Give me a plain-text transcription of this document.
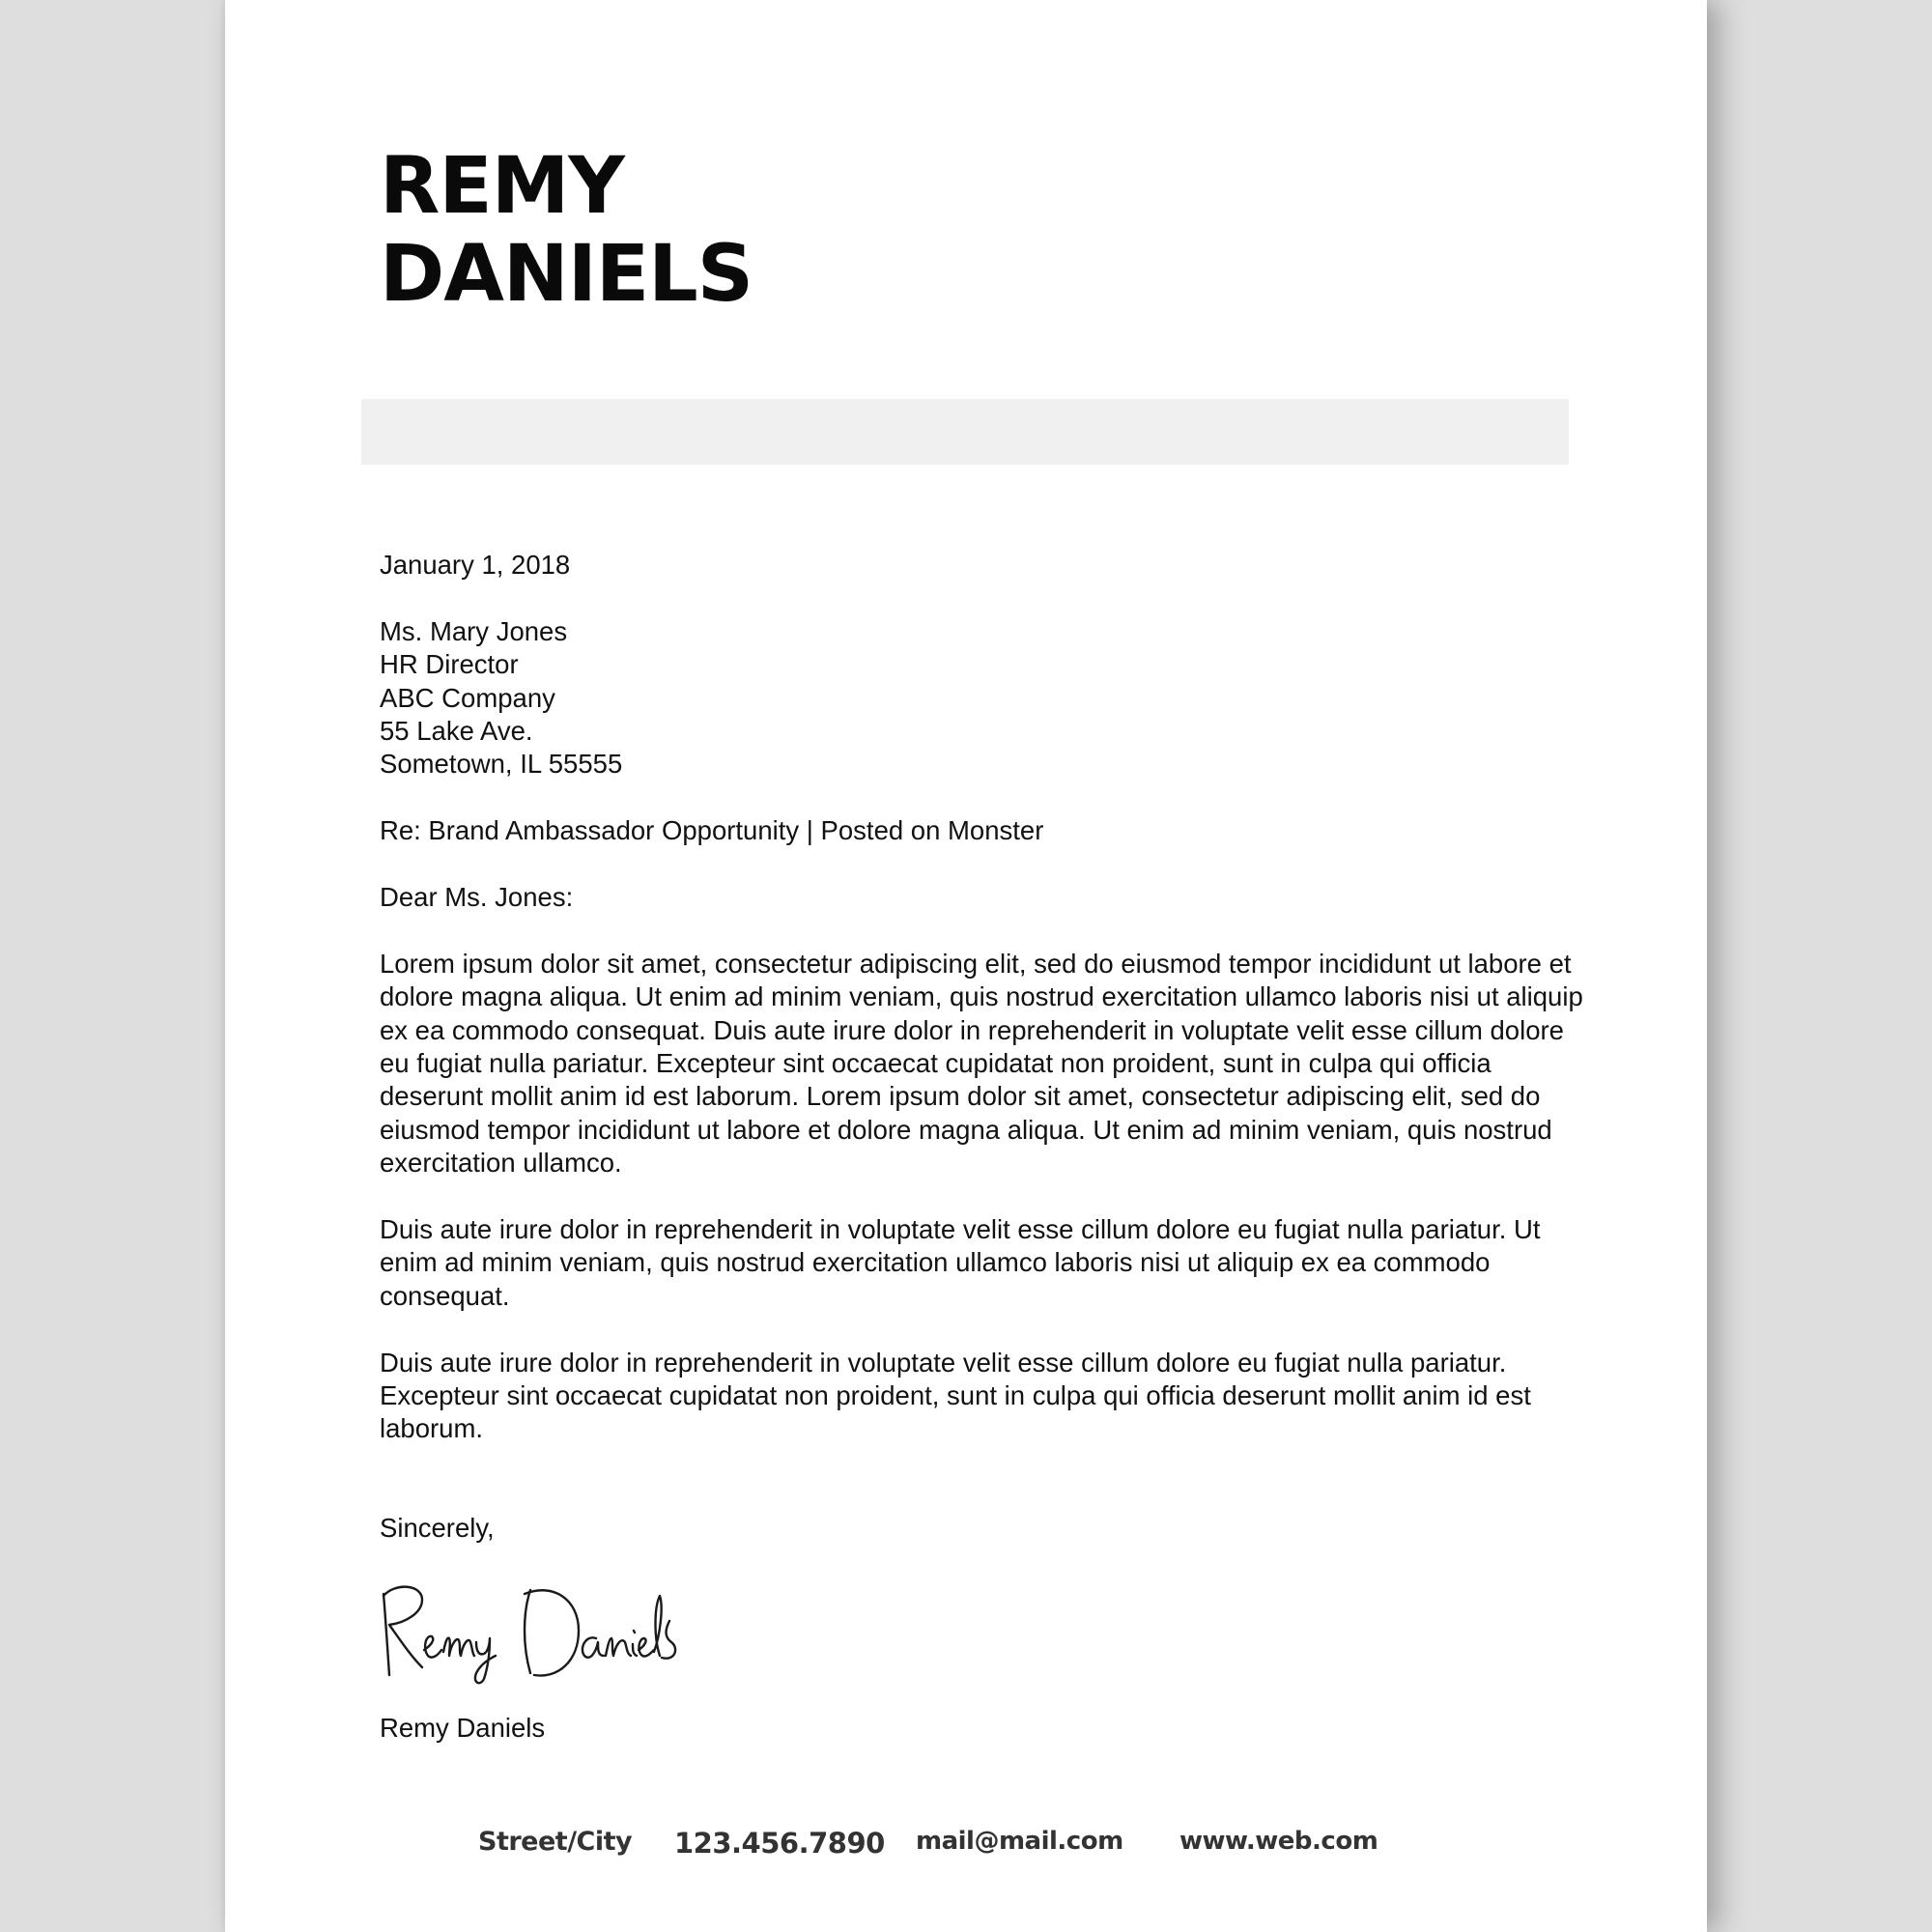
REMY
DANIELS

January 1, 2018

Ms. Mary Jones
HR Director
ABC Company
55 Lake Ave.
Sometown, IL 55555

Re: Brand Ambassador Opportunity | Posted on Monster

Dear Ms. Jones:

Lorem ipsum dolor sit amet, consectetur adipiscing elit, sed do eiusmod tempor incididunt ut labore et dolore magna aliqua. Ut enim ad minim veniam, quis nostrud exercitation ullamco laboris nisi ut aliquip ex ea commodo consequat. Duis aute irure dolor in reprehenderit in voluptate velit esse cillum dolore eu fugiat nulla pariatur. Excepteur sint occaecat cupidatat non proident, sunt in culpa qui officia deserunt mollit anim id est laborum. Lorem ipsum dolor sit amet, consectetur adipiscing elit, sed do eiusmod tempor incididunt ut labore et dolore magna aliqua. Ut enim ad minim veniam, quis nostrud exercitation ullamco.

Duis aute irure dolor in reprehenderit in voluptate velit esse cillum dolore eu fugiat nulla pariatur. Ut enim ad minim veniam, quis nostrud exercitation ullamco laboris nisi ut aliquip ex ea commodo consequat.

Duis aute irure dolor in reprehenderit in voluptate velit esse cillum dolore eu fugiat nulla pariatur. Excepteur sint occaecat cupidatat non proident, sunt in culpa qui officia deserunt mollit anim id est laborum.

Sincerely,

Remy Daniels

Street/City 123.456.7890 mail@mail.com www.web.com
